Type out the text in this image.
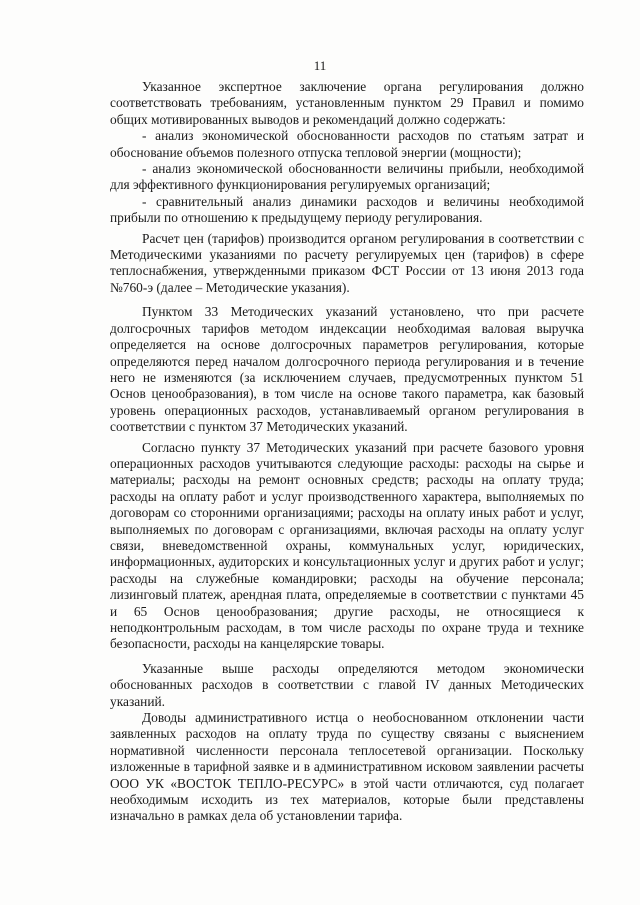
11

Указанное экспертное заключение органа регулирования должно соответствовать требованиям, установленным пунктом 29 Правил и помимо общих мотивированных выводов и рекомендаций должно содержать:

- анализ экономической обоснованности расходов по статьям затрат и обоснование объемов полезного отпуска тепловой энергии (мощности);

- анализ экономической обоснованности величины прибыли, необходимой для эффективного функционирования регулируемых организаций;

- сравнительный анализ динамики расходов и величины необходимой прибыли по отношению к предыдущему периоду регулирования.

Расчет цен (тарифов) производится органом регулирования в соответствии с Методическими указаниями по расчету регулируемых цен (тарифов) в сфере теплоснабжения, утвержденными приказом ФСТ России от 13 июня 2013 года №760-э (далее – Методические указания).

Пунктом 33 Методических указаний установлено, что при расчете долгосрочных тарифов методом индексации необходимая валовая выручка определяется на основе долгосрочных параметров регулирования, которые определяются перед началом долгосрочного периода регулирования и в течение него не изменяются (за исключением случаев, предусмотренных пунктом 51 Основ ценообразования), в том числе на основе такого параметра, как базовый уровень операционных расходов, устанавливаемый органом регулирования в соответствии с пунктом 37 Методических указаний.

Согласно пункту 37 Методических указаний при расчете базового уровня операционных расходов учитываются следующие расходы: расходы на сырье и материалы; расходы на ремонт основных средств; расходы на оплату труда; расходы на оплату работ и услуг производственного характера, выполняемых по договорам со сторонними организациями; расходы на оплату иных работ и услуг, выполняемых по договорам с организациями, включая расходы на оплату услуг связи, вневедомственной охраны, коммунальных услуг, юридических, информационных, аудиторских и консультационных услуг и других работ и услуг; расходы на служебные командировки; расходы на обучение персонала; лизинговый платеж, арендная плата, определяемые в соответствии с пунктами 45 и 65 Основ ценообразования; другие расходы, не относящиеся к неподконтрольным расходам, в том числе расходы по охране труда и технике безопасности, расходы на канцелярские товары.

Указанные выше расходы определяются методом экономически обоснованных расходов в соответствии с главой IV данных Методических указаний.

Доводы административного истца о необоснованном отклонении части заявленных расходов на оплату труда по существу связаны с выяснением нормативной численности персонала теплосетевой организации. Поскольку изложенные в тарифной заявке и в административном исковом заявлении расчеты ООО УК «ВОСТОК ТЕПЛО-РЕСУРС» в этой части отличаются, суд полагает необходимым исходить из тех материалов, которые были представлены изначально в рамках дела об установлении тарифа.
